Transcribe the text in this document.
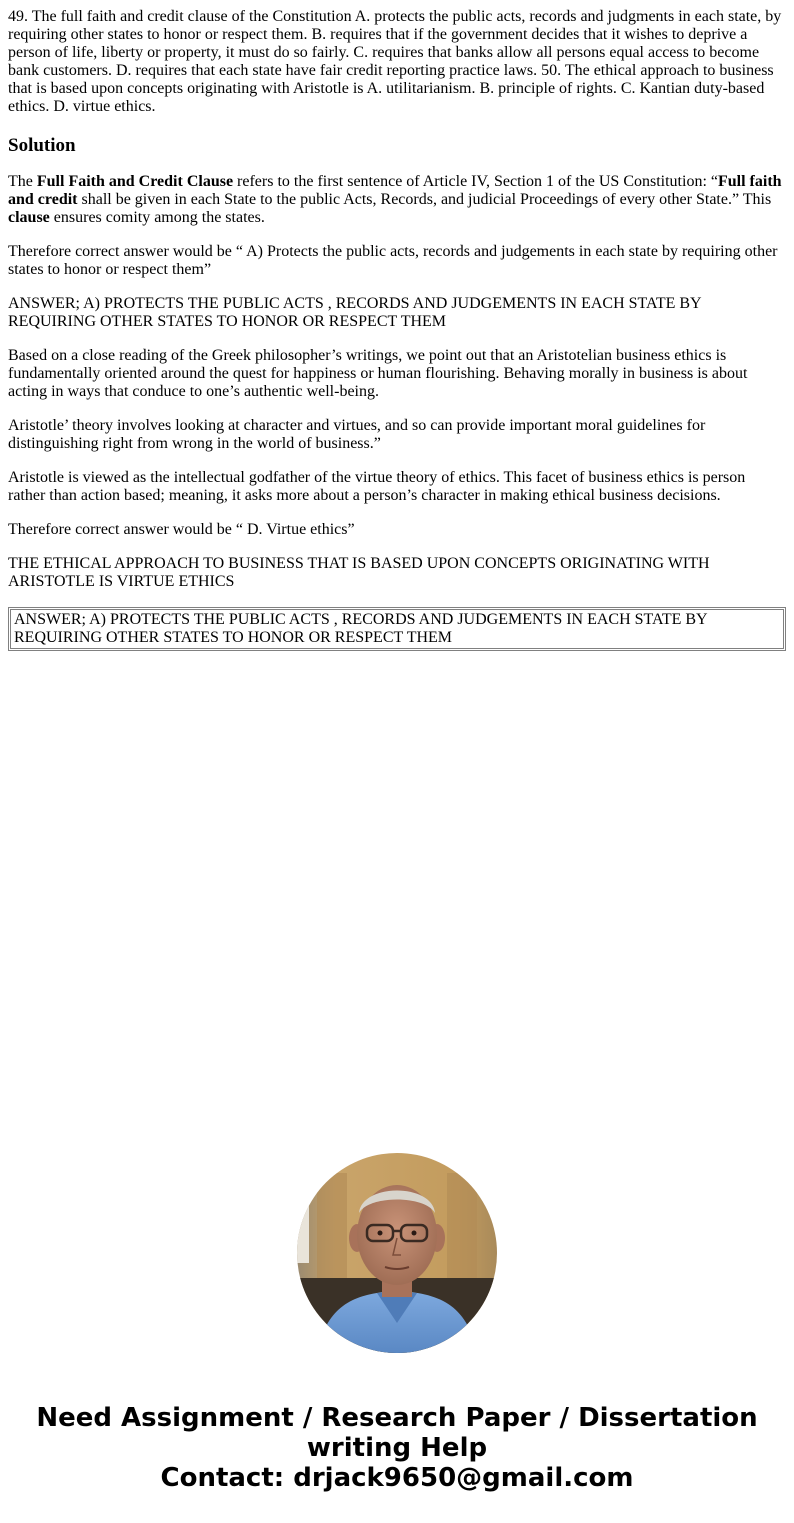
49. The full faith and credit clause of the Constitution A. protects the public acts, records and judgments in each state, by requiring other states to honor or respect them. B. requires that if the government decides that it wishes to deprive a person of life, liberty or property, it must do so fairly. C. requires that banks allow all persons equal access to become bank customers. D. requires that each state have fair credit reporting practice laws. 50. The ethical approach to business that is based upon concepts originating with Aristotle is A. utilitarianism. B. principle of rights. C. Kantian duty-based ethics. D. virtue ethics.

Solution

The Full Faith and Credit Clause refers to the first sentence of Article IV, Section 1 of the US Constitution: “Full faith and credit shall be given in each State to the public Acts, Records, and judicial Proceedings of every other State.” This clause ensures comity among the states.

Therefore correct answer would be “ A) Protects the public acts, records and judgements in each state by requiring other states to honor or respect them”

ANSWER; A) PROTECTS THE PUBLIC ACTS , RECORDS AND JUDGEMENTS IN EACH STATE BY REQUIRING OTHER STATES TO HONOR OR RESPECT THEM

Based on a close reading of the Greek philosopher’s writings, we point out that an Aristotelian business ethics is fundamentally oriented around the quest for happiness or human flourishing. Behaving morally in business is about acting in ways that conduce to one’s authentic well-being.

Aristotle’ theory involves looking at character and virtues, and so can provide important moral guidelines for distinguishing right from wrong in the world of business.”

Aristotle is viewed as the intellectual godfather of the virtue theory of ethics. This facet of business ethics is person rather than action based; meaning, it asks more about a person’s character in making ethical business decisions.

Therefore correct answer would be “ D. Virtue ethics”

THE ETHICAL APPROACH TO BUSINESS THAT IS BASED UPON CONCEPTS ORIGINATING WITH ARISTOTLE IS VIRTUE ETHICS

ANSWER; A) PROTECTS THE PUBLIC ACTS , RECORDS AND JUDGEMENTS IN EACH STATE BY REQUIRING OTHER STATES TO HONOR OR RESPECT THEM
Need Assignment / Research Paper / Dissertation
writing Help
Contact: drjack9650@gmail.com
